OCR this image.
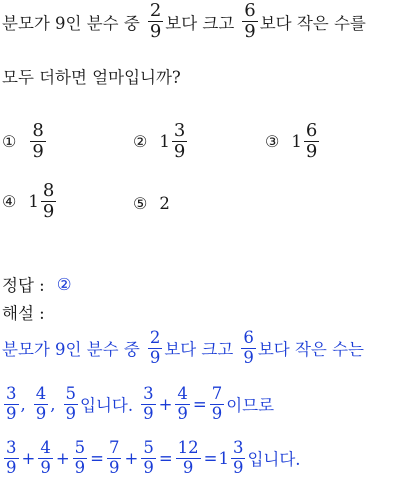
분모가 9인 분수 중 $\frac{2}{9}$ 보다 크고 $\frac{6}{9}$ 보다 작은 수를
모두 더하면 얼마입니까?
① $\frac{8}{9}$	② $1 \frac{3}{9}$	③ $1 \frac{6}{9}$
④ $1 \frac{8}{9}$	⑤ 2
정답 : ②
해설 :
분모가 9인 분수 중 $\frac{2}{9}$ 보다 크고 $\frac{6}{9}$ 보다 작은 수는
$\frac{3}{9}$ , $\frac{4}{9}$ , $\frac{5}{9}$ 입니다. $\frac{3}{9} + \frac{4}{9} = \frac{7}{9}$ 이므로
$\frac{3}{9} + \frac{4}{9} + \frac{5}{9} = \frac{7}{9} + \frac{5}{9} = \frac{12}{9} = 1 \frac{3}{9}$ 입니다.
